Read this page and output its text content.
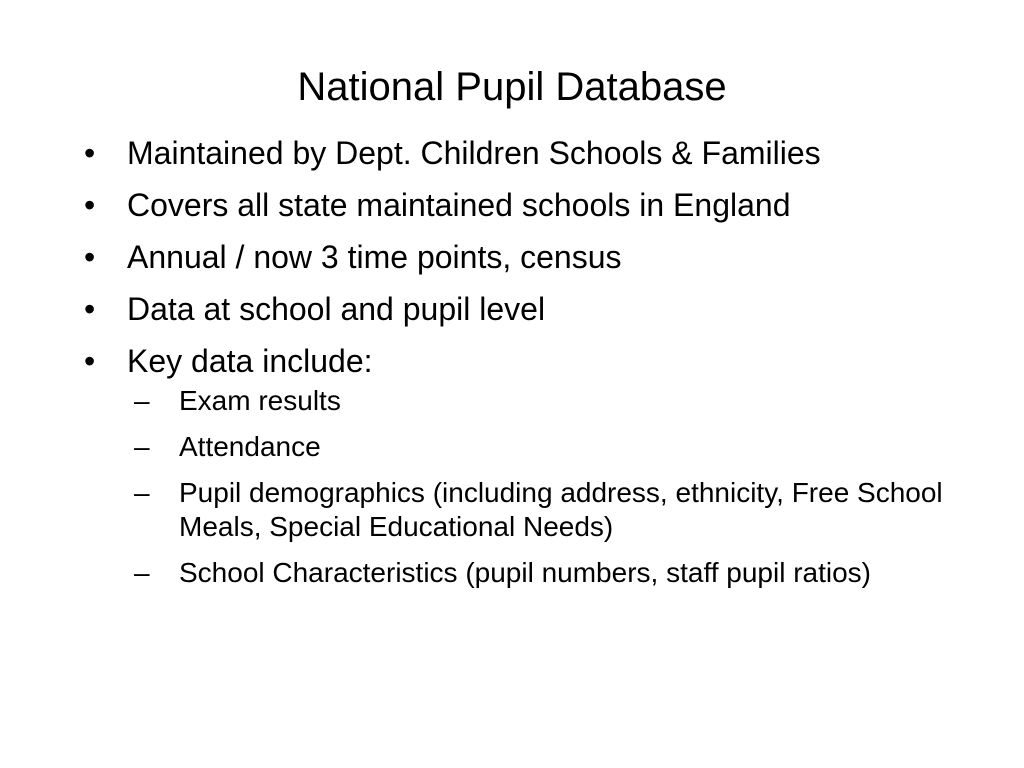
National Pupil Database
• Maintained by Dept. Children Schools & Families
• Covers all state maintained schools in England
• Annual / now 3 time points, census
• Data at school and pupil level
• Key data include:
– Exam results
– Attendance
– Pupil demographics (including address, ethnicity, Free School Meals, Special Educational Needs)
– School Characteristics (pupil numbers, staff pupil ratios)
